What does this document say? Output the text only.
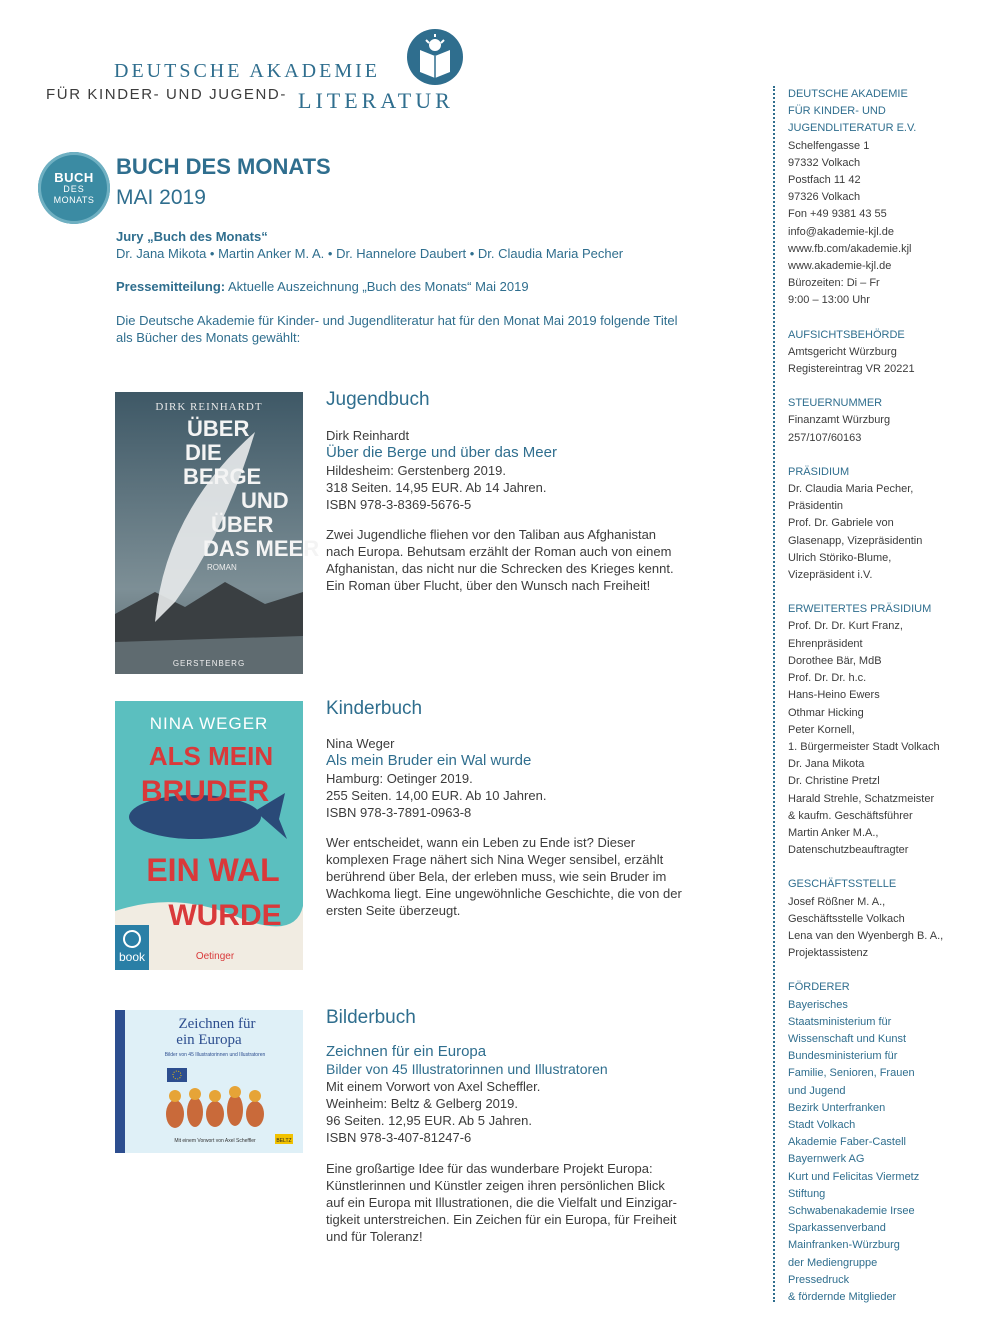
DEUTSCHE AKADEMIE
FÜR KINDER- UND JUGEND- LITERATUR
BUCH
DES
MONATS
BUCH DES MONATS
MAI 2019
Jury „Buch des Monats“
Dr. Jana Mikota • Martin Anker M. A. • Dr. Hannelore Daubert • Dr. Claudia Maria Pecher
Pressemitteilung: Aktuelle Auszeichnung „Buch des Monats“ Mai 2019
Die Deutsche Akademie für Kinder- und Jugendliteratur hat für den Monat Mai 2019 folgende Titel
als Bücher des Monats gewählt:
DIRK REINHARDT
ÜBER
DIE
BERGE
UND
ÜBER
DAS MEER
ROMAN
GERSTENBERG
Jugendbuch
Dirk Reinhardt
Über die Berge und über das Meer
Hildesheim: Gerstenberg 2019.
318 Seiten. 14,95 EUR. Ab 14 Jahren.
ISBN 978-3-8369-5676-5
Zwei Jugendliche fliehen vor den Taliban aus Afghanistan
nach Europa. Behutsam erzählt der Roman auch von einem
Afghanistan, das nicht nur die Schrecken des Krieges kennt.
Ein Roman über Flucht, über den Wunsch nach Freiheit!
NINA WEGER
ALS MEIN
BRUDER
EIN WAL
WURDE
book	Oetinger
Kinderbuch
Nina Weger
Als mein Bruder ein Wal wurde
Hamburg: Oetinger 2019.
255 Seiten. 14,00 EUR. Ab 10 Jahren.
ISBN 978-3-7891-0963-8
Wer entscheidet, wann ein Leben zu Ende ist? Dieser
komplexen Frage nähert sich Nina Weger sensibel, erzählt
berührend über Bela, der erleben muss, wie sein Bruder im
Wachkoma liegt. Eine ungewöhnliche Geschichte, die von der
ersten Seite überzeugt.
Zeichnen für
ein Europa
Bilder von 45 Illustratorinnen und Illustratoren
Mit einem Vorwort von Axel Scheffler	BELTZ
Bilderbuch
Zeichnen für ein Europa
Bilder von 45 Illustratorinnen und Illustratoren
Mit einem Vorwort von Axel Scheffler.
Weinheim: Beltz & Gelberg 2019.
96 Seiten. 12,95 EUR. Ab 5 Jahren.
ISBN 978-3-407-81247-6
Eine großartige Idee für das wunderbare Projekt Europa:
Künstlerinnen und Künstler zeigen ihren persönlichen Blick
auf ein Europa mit Illustrationen, die die Vielfalt und Einzigar-
tigkeit unterstreichen. Ein Zeichen für ein Europa, für Freiheit
und für Toleranz!
DEUTSCHE AKADEMIE
FÜR KINDER- UND
JUGENDLITERATUR E.V.
Schelfengasse 1
97332 Volkach
Postfach 11 42
97326 Volkach
Fon +49 9381 43 55
info@akademie-kjl.de
www.fb.com/akademie.kjl
www.akademie-kjl.de
Bürozeiten: Di – Fr
9:00 – 13:00 Uhr
AUFSICHTSBEHÖRDE
Amtsgericht Würzburg
Registereintrag VR 20221
STEUERNUMMER
Finanzamt Würzburg
257/107/60163
PRÄSIDIUM
Dr. Claudia Maria Pecher,
Präsidentin
Prof. Dr. Gabriele von
Glasenapp, Vizepräsidentin
Ulrich Störiko-Blume,
Vizepräsident i.V.
ERWEITERTES PRÄSIDIUM
Prof. Dr. Dr. Kurt Franz,
Ehrenpräsident
Dorothee Bär, MdB
Prof. Dr. Dr. h.c.
Hans-Heino Ewers
Othmar Hicking
Peter Kornell,
1. Bürgermeister Stadt Volkach
Dr. Jana Mikota
Dr. Christine Pretzl
Harald Strehle, Schatzmeister
& kaufm. Geschäftsführer
Martin Anker M.A.,
Datenschutzbeauftragter
GESCHÄFTSSTELLE
Josef Rößner M. A.,
Geschäftsstelle Volkach
Lena van den Wyenbergh B. A.,
Projektassistenz
FÖRDERER
Bayerisches
Staatsministerium für
Wissenschaft und Kunst
Bundesministerium für
Familie, Senioren, Frauen
und Jugend
Bezirk Unterfranken
Stadt Volkach
Akademie Faber-Castell
Bayernwerk AG
Kurt und Felicitas Viermetz
Stiftung
Schwabenakademie Irsee
Sparkassenverband
Mainfranken-Würzburg
der Mediengruppe
Pressedruck
& fördernde Mitglieder
